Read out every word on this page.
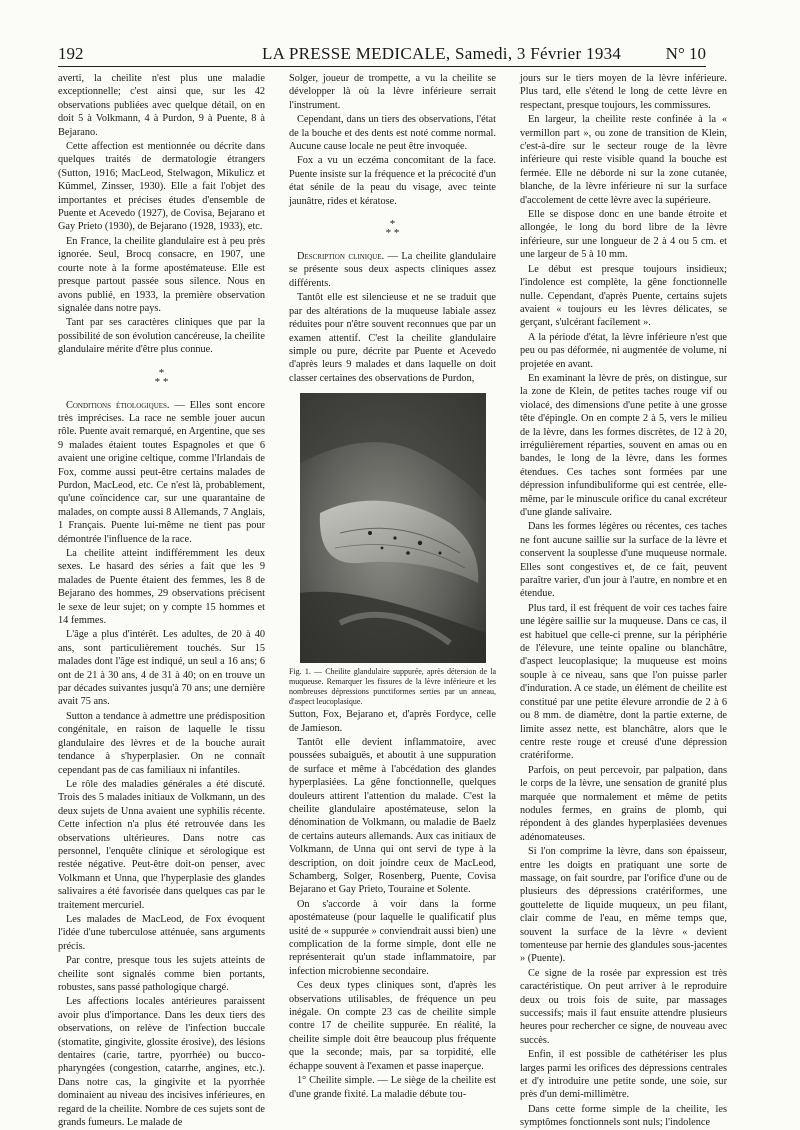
192	LA PRESSE MEDICALE, Samedi, 3 Février 1934	N° 10

averti, la cheilite n'est plus une maladie exceptionnelle; c'est ainsi que, sur les 42 observations publiées avec quelque détail, on en doit 5 à Volkmann, 4 à Purdon, 9 à Puente, 8 à Bejarano.

Cette affection est mentionnée ou décrite dans quelques traités de dermatologie étrangers (Sutton, 1916; MacLeod, Stelwagon, Mikulicz et Kümmel, Zinsser, 1930). Elle a fait l'objet des importantes et précises études d'ensemble de Puente et Acevedo (1927), de Covisa, Bejarano et Gay Prieto (1930), de Bejarano (1928, 1933), etc.

En France, la cheilite glandulaire est à peu près ignorée. Seul, Brocq consacre, en 1907, une courte note à la forme apostémateuse. Elle est presque partout passée sous silence. Nous en avons publié, en 1933, la première observation signalée dans notre pays.

Tant par ses caractères cliniques que par la possibilité de son évolution cancéreuse, la cheilite glandulaire mérite d'être plus connue.

*
* *

Conditions étiologiques. — Elles sont encore très imprécises. La race ne semble jouer aucun rôle. Puente avait remarqué, en Argentine, que ses 9 malades étaient toutes Espagnoles et que 6 avaient une origine celtique, comme l'Irlandais de Fox, comme aussi peut-être certains malades de Purdon, MacLeod, etc. Ce n'est là, probablement, qu'une coïncidence car, sur une quarantaine de malades, on compte aussi 8 Allemands, 7 Anglais, 1 Français. Puente lui-même ne tient pas pour démontrée l'influence de la race.

La cheilite atteint indifféremment les deux sexes. Le hasard des séries a fait que les 9 malades de Puente étaient des femmes, les 8 de Bejarano des hommes, 29 observations précisent le sexe de leur sujet; on y compte 15 hommes et 14 femmes.

L'âge a plus d'intérêt. Les adultes, de 20 à 40 ans, sont particulièrement touchés. Sur 15 malades dont l'âge est indiqué, un seul a 16 ans; 6 ont de 21 à 30 ans, 4 de 31 à 40; on en trouve un par décades suivantes jusqu'à 70 ans; une dernière avait 75 ans.

Sutton a tendance à admettre une prédisposition congénitale, en raison de laquelle le tissu glandulaire des lèvres et de la bouche aurait tendance à s'hyperplasier. On ne connaît cependant pas de cas familiaux ni infantiles.

Le rôle des maladies générales a été discuté. Trois des 5 malades initiaux de Volkmann, un des deux sujets de Unna avaient une syphilis récente. Cette infection n'a plus été retrouvée dans les observations ultérieures. Dans notre cas personnel, l'enquête clinique et sérologique est restée négative. Peut-être doit-on penser, avec Volkmann et Unna, que l'hyperplasie des glandes salivaires a été favorisée dans quelques cas par le traitement mercuriel.

Les malades de MacLeod, de Fox évoquent l'idée d'une tuberculose atténuée, sans arguments précis.

Par contre, presque tous les sujets atteints de cheilite sont signalés comme bien portants, robustes, sans passé pathologique chargé.

Les affections locales antérieures paraissent avoir plus d'importance. Dans les deux tiers des observations, on relève de l'infection buccale (stomatite, gingivite, glossite érosive), des lésions dentaires (carie, tartre, pyorrhée) ou bucco-pharyngées (congestion, catarrhe, angines, etc.). Dans notre cas, la gingivite et la pyorrhée dominaient au niveau des incisives inférieures, en regard de la cheilite. Nombre de ces sujets sont de grands fumeurs. Le malade de

Solger, joueur de trompette, a vu la cheilite se développer là où la lèvre inférieure serrait l'instrument.

Cependant, dans un tiers des observations, l'état de la bouche et des dents est noté comme normal. Aucune cause locale ne peut être invoquée.

Fox a vu un eczéma concomitant de la face. Puente insiste sur la fréquence et la précocité d'un état sénile de la peau du visage, avec teinte jaunâtre, rides et kératose.

*
* *

Description clinique. — La cheilite glandulaire se présente sous deux aspects cliniques assez différents.

Tantôt elle est silencieuse et ne se traduit que par des altérations de la muqueuse labiale assez réduites pour n'être souvent reconnues que par un examen attentif. C'est la cheilite glandulaire simple ou pure, décrite par Puente et Acevedo d'après leurs 9 malades et dans laquelle on doit classer certaines des observations de Purdon,

Fig. 1. — Cheilite glandulaire suppurée, après détersion de la muqueuse. Remarquer les fissures de la lèvre inférieure et les nombreuses dépressions punctiformes serties par un anneau, d'aspect leucoplasique.

Sutton, Fox, Bejarano et, d'après Fordyce, celle de Jamieson.

Tantôt elle devient inflammatoire, avec poussées subaiguës, et aboutit à une suppuration de surface et même à l'abcédation des glandes hyperplasiées. La gêne fonctionnelle, quelques douleurs attirent l'attention du malade. C'est la cheilite glandulaire apostémateuse, selon la dénomination de Volkmann, ou maladie de Baelz de certains auteurs allemands. Aux cas initiaux de Volkmann, de Unna qui ont servi de type à la description, on doit joindre ceux de MacLeod, Schamberg, Solger, Rosenberg, Puente, Covisa Bejarano et Gay Prieto, Touraine et Solente.

On s'accorde à voir dans la forme apostémateuse (pour laquelle le qualificatif plus usité de « suppurée » conviendrait aussi bien) une complication de la forme simple, dont elle ne représenterait qu'un stade inflammatoire, par infection microbienne secondaire.

Ces deux types cliniques sont, d'après les observations utilisables, de fréquence un peu inégale. On compte 23 cas de cheilite simple contre 17 de cheilite suppurée. En réalité, la cheilite simple doit être beaucoup plus fréquente que la seconde; mais, par sa torpidité, elle échappe souvent à l'examen et passe inaperçue.

1° Cheilite simple. — Le siège de la cheilite est d'une grande fixité. La maladie débute tou-

jours sur le tiers moyen de la lèvre inférieure. Plus tard, elle s'étend le long de cette lèvre en respectant, presque toujours, les commissures.

En largeur, la cheilite reste confinée à la « vermillon part », ou zone de transition de Klein, c'est-à-dire sur le secteur rouge de la lèvre inférieure qui reste visible quand la bouche est fermée. Elle ne déborde ni sur la zone cutanée, blanche, de la lèvre inférieure ni sur la surface d'accolement de cette lèvre avec la supérieure.

Elle se dispose donc en une bande étroite et allongée, le long du bord libre de la lèvre inférieure, sur une longueur de 2 à 4 ou 5 cm. et une largeur de 5 à 10 mm.

Le début est presque toujours insidieux; l'indolence est complète, la gêne fonctionnelle nulle. Cependant, d'après Puente, certains sujets avaient « toujours eu les lèvres délicates, se gerçant, s'ulcérant facilement ».

A la période d'état, la lèvre inférieure n'est que peu ou pas déformée, ni augmentée de volume, ni projetée en avant.

En examinant la lèvre de près, on distingue, sur la zone de Klein, de petites taches rouge vif ou violacé, des dimensions d'une petite à une grosse tête d'épingle. On en compte 2 à 5, vers le milieu de la lèvre, dans les formes discrètes, de 12 à 20, irrégulièrement réparties, souvent en amas ou en bandes, le long de la lèvre, dans les formes étendues. Ces taches sont formées par une dépression infundibuliforme qui est centrée, elle-même, par le minuscule orifice du canal excréteur d'une glande salivaire.

Dans les formes légères ou récentes, ces taches ne font aucune saillie sur la surface de la lèvre et conservent la souplesse d'une muqueuse normale. Elles sont congestives et, de ce fait, peuvent paraître varier, d'un jour à l'autre, en nombre et en étendue.

Plus tard, il est fréquent de voir ces taches faire une légère saillie sur la muqueuse. Dans ce cas, il est habituel que celle-ci prenne, sur la périphérie de l'élevure, une teinte opaline ou blanchâtre, d'aspect leucoplasique; la muqueuse est moins souple à ce niveau, sans que l'on puisse parler d'induration. A ce stade, un élément de cheilite est constitué par une petite élevure arrondie de 2 à 6 ou 8 mm. de diamètre, dont la partie externe, de limite assez nette, est blanchâtre, alors que le centre reste rouge et creusé d'une dépression cratériforme.

Parfois, on peut percevoir, par palpation, dans le corps de la lèvre, une sensation de granité plus marquée que normalement et même de petits nodules fermes, en grains de plomb, qui répondent à des glandes hyperplasiées devenues adénomateuses.

Si l'on comprime la lèvre, dans son épaisseur, entre les doigts en pratiquant une sorte de massage, on fait sourdre, par l'orifice d'une ou de plusieurs des dépressions cratériformes, une gouttelette de liquide muqueux, un peu filant, clair comme de l'eau, en même temps que, souvent la surface de la lèvre « devient tomenteuse par hernie des glandules sous-jacentes » (Puente).

Ce signe de la rosée par expression est très caractéristique. On peut arriver à le reproduire deux ou trois fois de suite, par massages successifs; mais il faut ensuite attendre plusieurs heures pour rechercher ce signe, de nouveau avec succès.

Enfin, il est possible de cathétériser les plus larges parmi les orifices des dépressions centrales et d'y introduire une petite sonde, une soie, sur près d'un demi-millimètre.

Dans cette forme simple de la cheilite, les symptômes fonctionnels sont nuls; l'indolence
